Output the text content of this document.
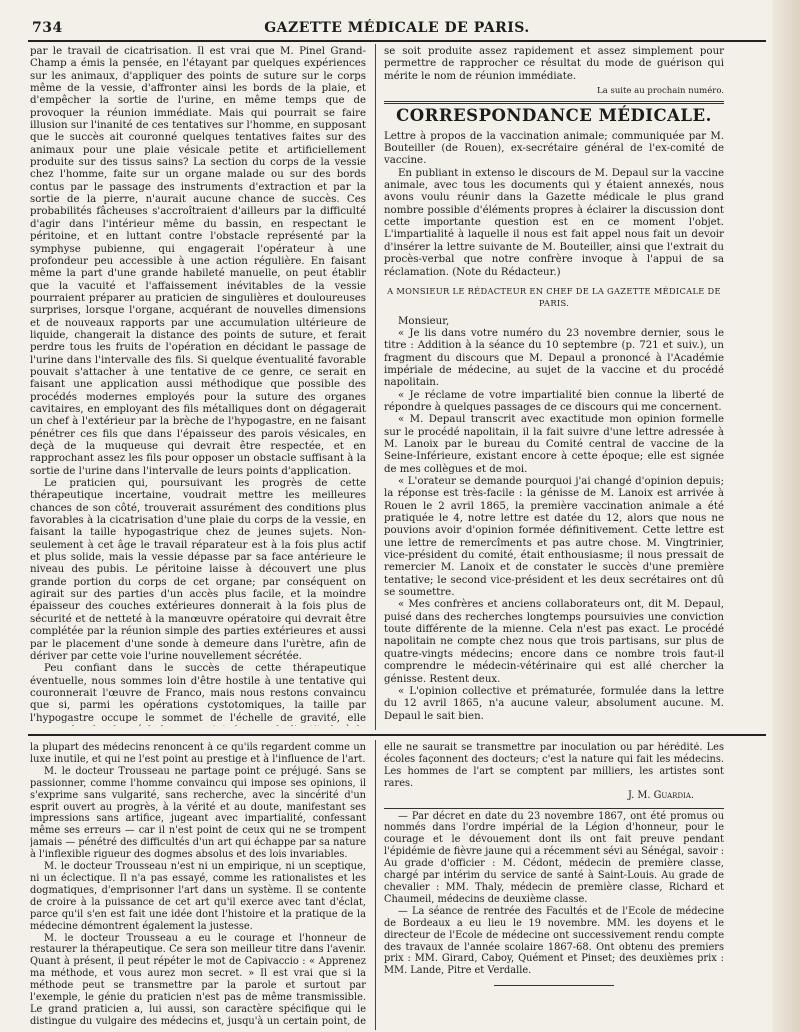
734	GAZETTE MÉDICALE DE PARIS.

par le travail de cicatrisation. Il est vrai que M. Pinel Grand-Champ a émis la pensée, en l'étayant par quelques expériences sur les animaux, d'appliquer des points de suture sur le corps même de la vessie, d'affronter ainsi les bords de la plaie, et d'empêcher la sortie de l'urine, en même temps que de provoquer la réunion immédiate. Mais qui pourrait se faire illusion sur l'inanité de ces tentatives sur l'homme, en supposant que le succès ait couronné quelques tentatives faites sur des animaux pour une plaie vésicale petite et artificiellement produite sur des tissus sains? La section du corps de la vessie chez l'homme, faite sur un organe malade ou sur des bords contus par le passage des instruments d'extraction et par la sortie de la pierre, n'aurait aucune chance de succès. Ces probabilités fâcheuses s'accroîtraient d'ailleurs par la difficulté d'agir dans l'intérieur même du bassin, en respectant le péritoine, et en luttant contre l'obstacle représenté par la symphyse pubienne, qui engagerait l'opérateur à une profondeur peu accessible à une action régulière. En faisant même la part d'une grande habileté manuelle, on peut établir que la vacuité et l'affaissement inévitables de la vessie pourraient préparer au praticien de singulières et douloureuses surprises, lorsque l'organe, acquérant de nouvelles dimensions et de nouveaux rapports par une accumulation ultérieure de liquide, changerait la distance des points de suture, et ferait perdre tous les fruits de l'opération en décidant le passage de l'urine dans l'intervalle des fils. Si quelque éventualité favorable pouvait s'attacher à une tentative de ce genre, ce serait en faisant une application aussi méthodique que possible des procédés modernes employés pour la suture des organes cavitaires, en employant des fils métalliques dont on dégagerait un chef à l'extérieur par la brèche de l'hypogastre, en ne faisant pénétrer ces fils que dans l'épaisseur des parois vésicales, en deçà de la muqueuse qui devrait être respectée, et en rapprochant assez les fils pour opposer un obstacle suffisant à la sortie de l'urine dans l'intervalle de leurs points d'application.

Le praticien qui, poursuivant les progrès de cette thérapeutique incertaine, voudrait mettre les meilleures chances de son côté, trouverait assurément des conditions plus favorables à la cicatrisation d'une plaie du corps de la vessie, en faisant la taille hypogastrique chez de jeunes sujets. Non-seulement à cet âge le travail réparateur est à la fois plus actif et plus solide, mais la vessie dépasse par sa face antérieure le niveau des pubis. Le péritoine laisse à découvert une plus grande portion du corps de cet organe; par conséquent on agirait sur des parties d'un accès plus facile, et la moindre épaisseur des couches extérieures donnerait à la fois plus de sécurité et de netteté à la manœuvre opératoire qui devrait être complétée par la réunion simple des parties extérieures et aussi par le placement d'une sonde à demeure dans l'urètre, afin de dériver par cette voie l'urine nouvellement sécrétée.

Peu confiant dans le succès de cette thérapeutique éventuelle, nous sommes loin d'être hostile à une tentative qui couronnerait l'œuvre de Franco, mais nous restons convaincu que si, parmi les opérations cystotomiques, la taille par l'hypogastre occupe le sommet de l'échelle de gravité, elle

se soit produite assez rapidement et assez simplement pour permettre de rapprocher ce résultat du mode de guérison qui mérite le nom de réunion immédiate.

La suite au prochain numéro.
CORRESPONDANCE MÉDICALE.

Lettre à propos de la vaccination animale; communiquée par M. Bouteiller (de Rouen), ex-secrétaire général de l'ex-comité de vaccine.

En publiant in extenso le discours de M. Depaul sur la vaccine animale, avec tous les documents qui y étaient annexés, nous avons voulu réunir dans la Gazette médicale le plus grand nombre possible d'éléments propres à éclairer la discussion dont cette importante question est en ce moment l'objet. L'impartialité à laquelle il nous est fait appel nous fait un devoir d'insérer la lettre suivante de M. Bouteiller, ainsi que l'extrait du procès-verbal que notre confrère invoque à l'appui de sa réclamation. (Note du Rédacteur.)

A MONSIEUR LE RÉDACTEUR EN CHEF DE LA GAZETTE MÉDICALE DE PARIS.

Monsieur,

« Je lis dans votre numéro du 23 novembre dernier, sous le titre : Addition à la séance du 10 septembre (p. 721 et suiv.), un fragment du discours que M. Depaul a prononcé à l'Académie impériale de médecine, au sujet de la vaccine et du procédé napolitain.

« Je réclame de votre impartialité bien connue la liberté de répondre à quelques passages de ce discours qui me concernent.

« M. Depaul transcrit avec exactitude mon opinion formelle sur le procédé napolitain, il la fait suivre d'une lettre adressée à M. Lanoix par le bureau du Comité central de vaccine de la Seine-Inférieure, existant encore à cette époque; elle est signée de mes collègues et de moi.

« L'orateur se demande pourquoi j'ai changé d'opinion depuis; la réponse est très-facile : la génisse de M. Lanoix est arrivée à Rouen le 2 avril 1865, la première vaccination animale a été pratiquée le 4, notre lettre est datée du 12, alors que nous ne pouvions avoir d'opinion formée définitivement. Cette lettre est une lettre de remercîments et pas autre chose. M. Vingtrinier, vice-président du comité, était enthousiasme; il nous pressait de remercier M. Lanoix et de constater le succès d'une première tentative; le second vice-président et les deux secrétaires ont dû se soumettre.

« Mes confrères et anciens collaborateurs ont, dit M. Depaul, puisé dans des recherches longtemps poursuivies une conviction toute différente de la mienne. Cela n'est pas exact. Le procédé napolitain ne compte chez nous que trois partisans, sur plus de quatre-vingts médecins; encore dans ce nombre trois faut-il comprendre le médecin-vétérinaire qui est allé chercher la génisse. Restent deux.

« L'opinion collective et prématurée, formulée dans la lettre du 12 avril 1865, n'a aucune valeur, absolument aucune. M. Depaul le sait bien.

la plupart des médecins renoncent à ce qu'ils regardent comme un luxe inutile, et qui ne l'est point au prestige et à l'influence de l'art.

M. le docteur Trousseau ne partage point ce préjugé. Sans se passionner, comme l'homme convaincu qui impose ses opinions, il s'exprime sans vulgarité, sans recherche, avec la sincérité d'un esprit ouvert au progrès, à la vérité et au doute, manifestant ses impressions sans artifice, jugeant avec impartialité, confessant même ses erreurs — car il n'est point de ceux qui ne se trompent jamais — pénétré des difficultés d'un art qui échappe par sa nature à l'inflexible rigueur des dogmes absolus et des lois invariables.

M. le docteur Trousseau n'est ni un empirique, ni un sceptique, ni un éclectique. Il n'a pas essayé, comme les rationalistes et les dogmatiques, d'emprisonner l'art dans un système. Il se contente de croire à la puissance de cet art qu'il exerce avec tant d'éclat, parce qu'il s'en est fait une idée dont l'histoire et la pratique de la médecine démontrent également la justesse.

M. le docteur Trousseau a eu le courage et l'honneur de restaurer la thérapeutique. Ce sera son meilleur titre dans l'avenir. Quant à présent, il peut répéter le mot de Capivaccio : « Apprenez ma méthode, et vous aurez mon secret. » Il est vrai que si la méthode peut se transmettre par la parole et surtout par l'exemple, le génie du praticien n'est pas de même transmissible. Le grand praticien a, lui aussi, son caractère spécifique qui le distingue du vulgaire des médecins et, jusqu'à un certain point, de

elle ne saurait se transmettre par inoculation ou par hérédité. Les écoles façonnent des docteurs; c'est la nature qui fait les médecins. Les hommes de l'art se comptent par milliers, les artistes sont rares.

J. M. Guardia.

— Par décret en date du 23 novembre 1867, ont été promus ou nommés dans l'ordre impérial de la Légion d'honneur, pour le courage et le dévouement dont ils ont fait preuve pendant l'épidémie de fièvre jaune qui a récemment sévi au Sénégal, savoir : Au grade d'officier : M. Cédont, médecin de première classe, chargé par intérim du service de santé à Saint-Louis. Au grade de chevalier : MM. Thaly, médecin de première classe, Richard et Chaumeil, médecins de deuxième classe.

— La séance de rentrée des Facultés et de l'Ecole de médecine de Bordeaux a eu lieu le 19 novembre. MM. les doyens et le directeur de l'Ecole de médecine ont successivement rendu compte des travaux de l'année scolaire 1867-68. Ont obtenu des premiers prix : MM. Girard, Caboy, Quément et Pinset; des deuxièmes prix : MM. Lande, Pitre et Verdalle.
